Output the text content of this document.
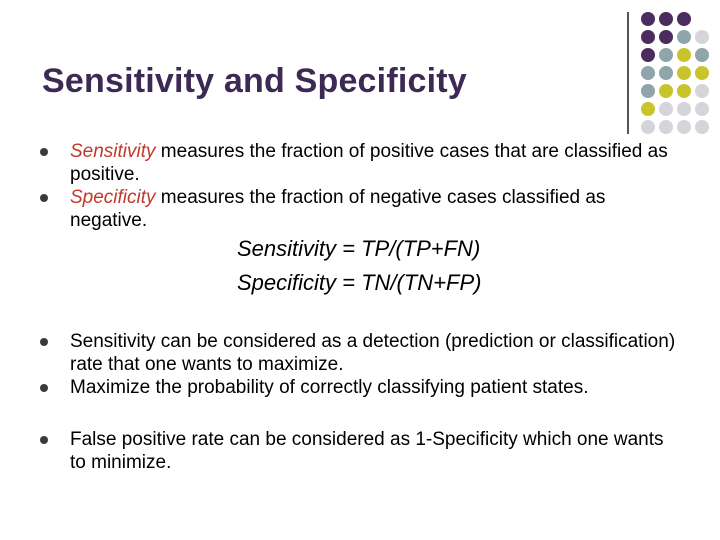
Sensitivity and Specificity
Sensitivity measures the fraction of positive cases that are classified as positive.
Specificity measures the fraction of negative cases classified as negative.
Sensitivity = TP/(TP+FN)
Specificity = TN/(TN+FP)
Sensitivity can be considered as a detection (prediction or classification) rate that one wants to maximize.
Maximize the probability of correctly classifying patient states.
False positive rate can be considered as 1-Specificity which one wants to minimize.
